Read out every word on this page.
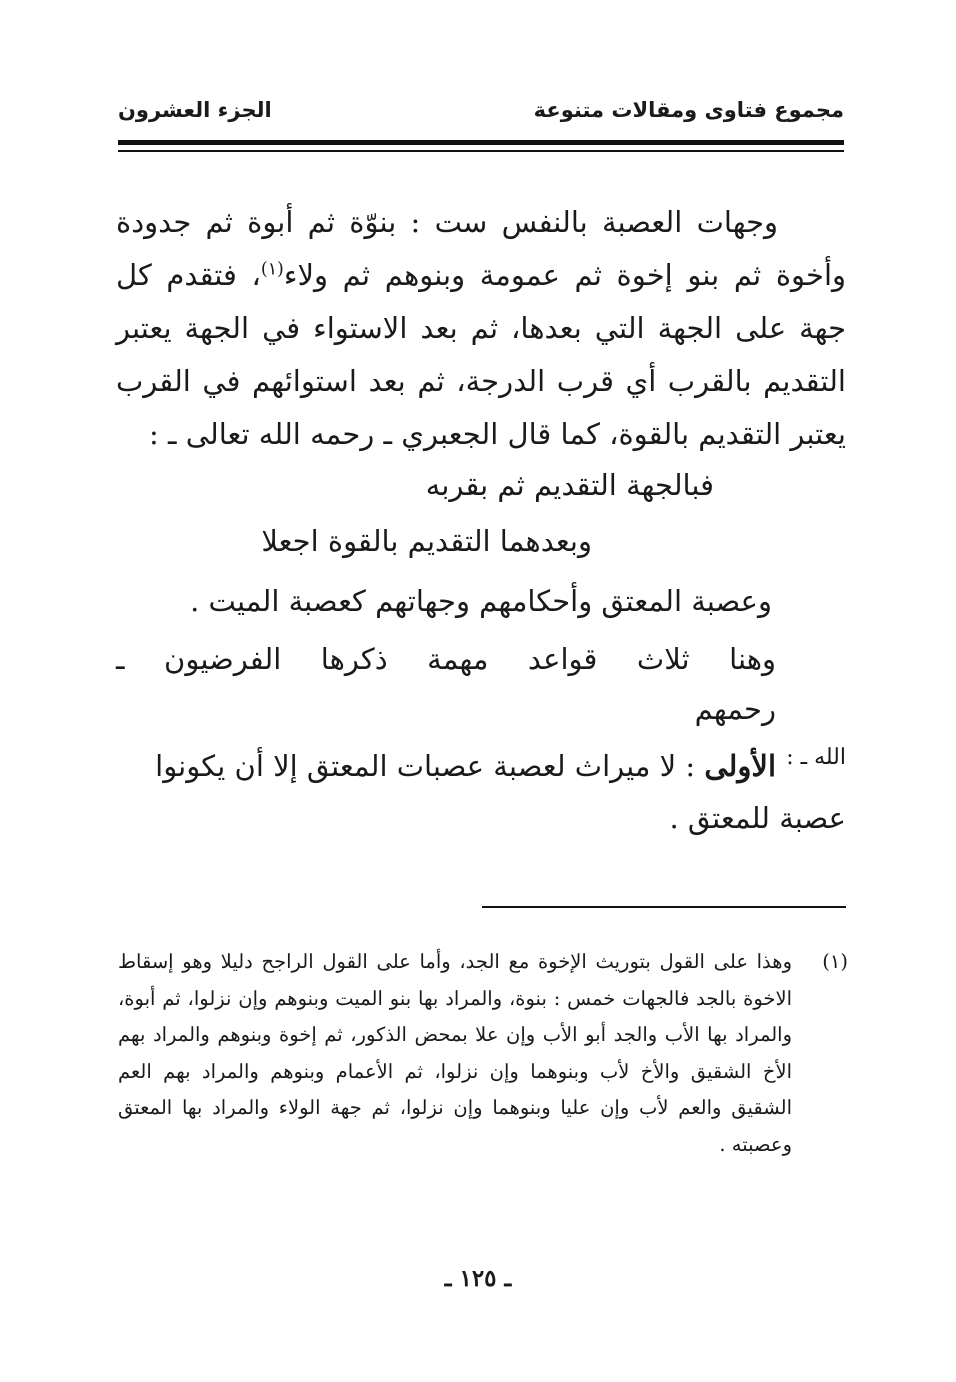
مجموع فتاوى ومقالات متنوعة
الجزء العشرون

وجهات العصبة بالنفس ست : بنوّة ثم أبوة ثم جدودة وأخوة ثم بنو إخوة ثم عمومة وبنوهم ثم ولاء$^{(١)}$، فتقدم كل جهة على الجهة التي بعدها، ثم بعد الاستواء في الجهة يعتبر التقديم بالقرب أي قرب الدرجة، ثم بعد استوائهم في القرب يعتبر التقديم بالقوة، كما قال الجعبري ـ رحمه الله تعالى ـ :

فبالجهة التقديم ثم بقربه
وبعدهما التقديم بالقوة اجعلا
وعصبة المعتق وأحكامهم وجهاتهم كعصبة الميت .
وهنا ثلاث قواعد مهمة ذكرها الفرضيون ـ رحمهم
الله ـ :
الأولى : لا ميراث لعصبة عصبات المعتق إلا أن يكونوا
عصبة للمعتق .
(١)
وهذا على القول بتوريث الإخوة مع الجد، وأما على القول الراجح دليلا وهو إسقاط الاخوة بالجد فالجهات خمس : بنوة، والمراد بها بنو الميت وبنوهم وإن نزلوا، ثم أبوة، والمراد بها الأب والجد أبو الأب وإن علا بمحض الذكور، ثم إخوة وبنوهم والمراد بهم الأخ الشقيق والأخ لأب وبنوهما وإن نزلوا، ثم الأعمام وبنوهم والمراد بهم العم الشقيق والعم لأب وإن عليا وبنوهما وإن نزلوا، ثم جهة الولاء والمراد بها المعتق وعصبته .
ـ ١٢٥ ـ
